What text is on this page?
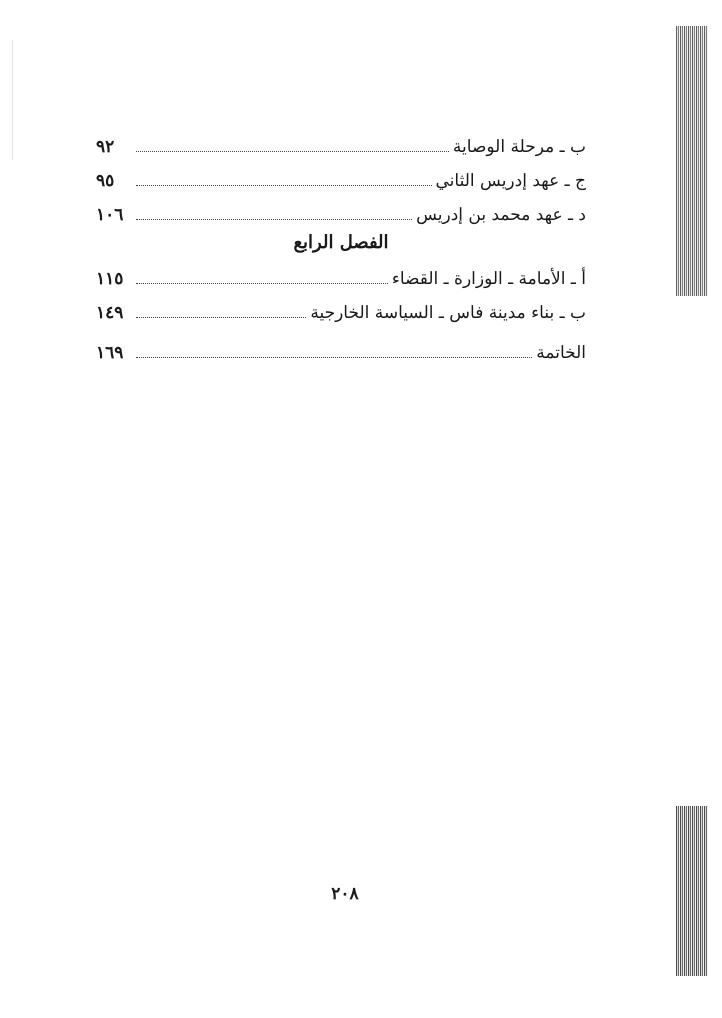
ب ـ مرحلة الوصاية
٩٢
ج ـ عهد إدريس الثاني
٩٥
د ـ عهد محمد بن إدريس
١٠٦
الفصل الرابع
أ ـ الأمامة ـ الوزارة ـ القضاء
١١٥
ب ـ بناء مدينة فاس ـ السياسة الخارجية
١٤٩
الخاتمة
١٦٩
٢٠٨
